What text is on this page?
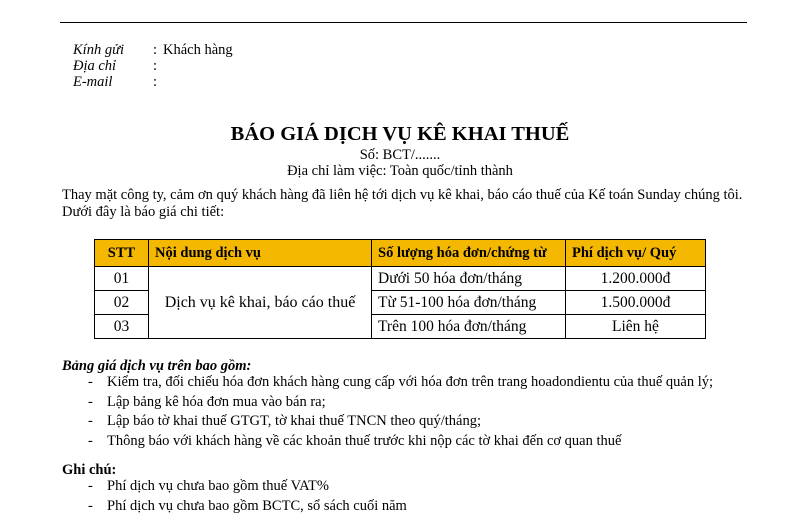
Kính gửi	: Khách hàng
Địa chỉ	:
E-mail	:
BÁO GIÁ DỊCH VỤ KÊ KHAI THUẾ
Số: BCT/.......
Địa chỉ làm việc: Toàn quốc/tỉnh thành
Thay mặt công ty, cảm ơn quý khách hàng đã liên hệ tới dịch vụ kê khai, báo cáo thuế của Kế toán Sunday chúng tôi.
Dưới đây là báo giá chi tiết:
STT	Nội dung dịch vụ	Số lượng hóa đơn/chứng từ	Phí dịch vụ/ Quý
01	Dịch vụ kê khai, báo cáo thuế	Dưới 50 hóa đơn/tháng	1.200.000đ
02		Từ 51-100 hóa đơn/tháng	1.500.000đ
03		Trên 100 hóa đơn/tháng	Liên hệ
Bảng giá dịch vụ trên bao gồm:
- Kiểm tra, đối chiếu hóa đơn khách hàng cung cấp với hóa đơn trên trang hoadondientu của thuế quản lý;
- Lập bảng kê hóa đơn mua vào bán ra;
- Lập báo tờ khai thuế GTGT, tờ khai thuế TNCN theo quý/tháng;
- Thông báo với khách hàng về các khoản thuế trước khi nộp các tờ khai đến cơ quan thuế
Ghi chú:
- Phí dịch vụ chưa bao gồm thuế VAT%
- Phí dịch vụ chưa bao gồm BCTC, sổ sách cuối năm
